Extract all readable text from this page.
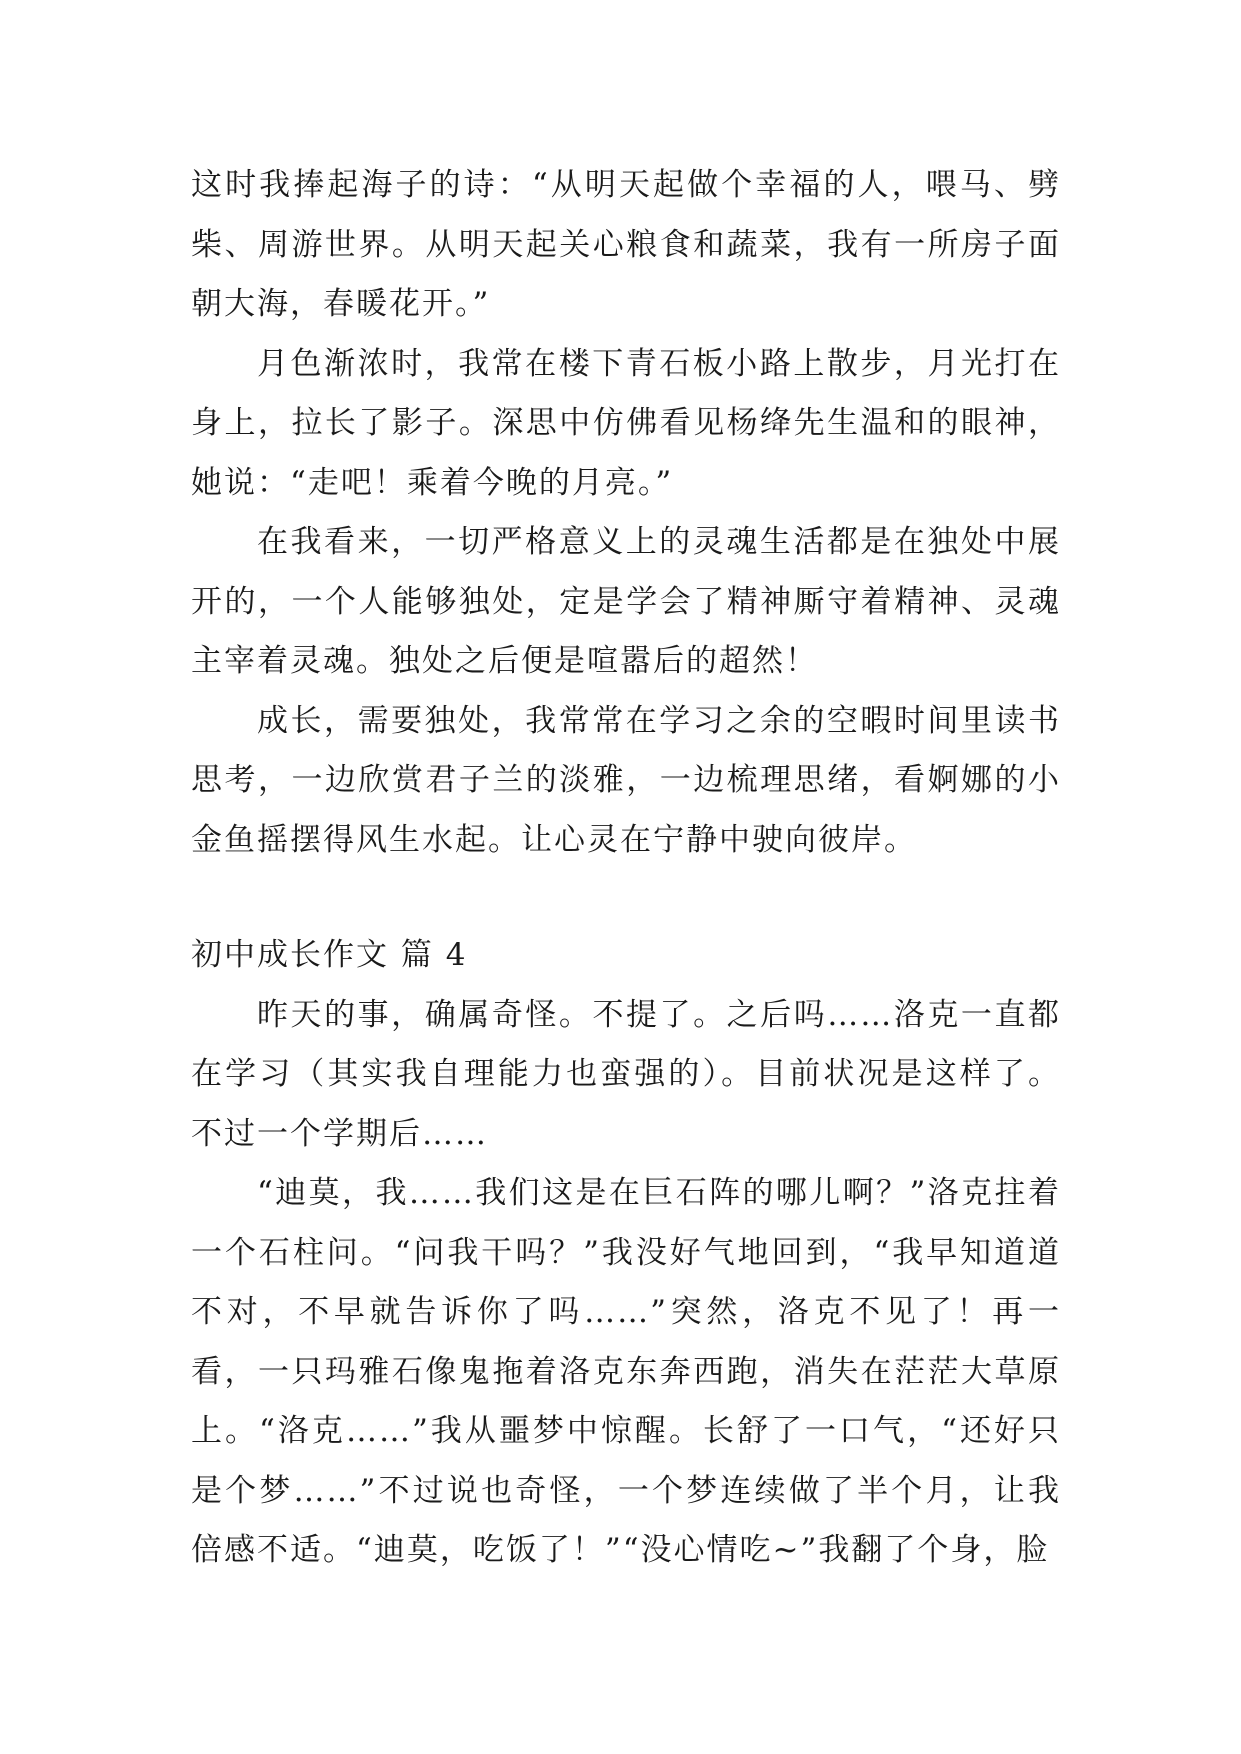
这时我捧起海子的诗：“从明天起做个幸福的人，喂马、劈柴、周游世界。从明天起关心粮食和蔬菜，我有一所房子面朝大海，春暖花开。”

月色渐浓时，我常在楼下青石板小路上散步，月光打在身上，拉长了影子。深思中仿佛看见杨绛先生温和的眼神，她说：“走吧！乘着今晚的月亮。”

在我看来，一切严格意义上的灵魂生活都是在独处中展开的，一个人能够独处，定是学会了精神厮守着精神、灵魂主宰着灵魂。独处之后便是喧嚣后的超然！

成长，需要独处，我常常在学习之余的空暇时间里读书思考，一边欣赏君子兰的淡雅，一边梳理思绪，看婀娜的小金鱼摇摆得风生水起。让心灵在宁静中驶向彼岸。

初中成长作文 篇 4

昨天的事，确属奇怪。不提了。之后吗……洛克一直都在学习（其实我自理能力也蛮强的）。目前状况是这样了。不过一个学期后……

“迪莫，我……我们这是在巨石阵的哪儿啊？”洛克拄着一个石柱问。“问我干吗？”我没好气地回到，“我早知道道不对，不早就告诉你了吗……”突然，洛克不见了！再一看，一只玛雅石像鬼拖着洛克东奔西跑，消失在茫茫大草原上。“洛克……”我从噩梦中惊醒。长舒了一口气，“还好只是个梦……”不过说也奇怪，一个梦连续做了半个月，让我倍感不适。“迪莫，吃饭了！”“没心情吃~”我翻了个身，脸
